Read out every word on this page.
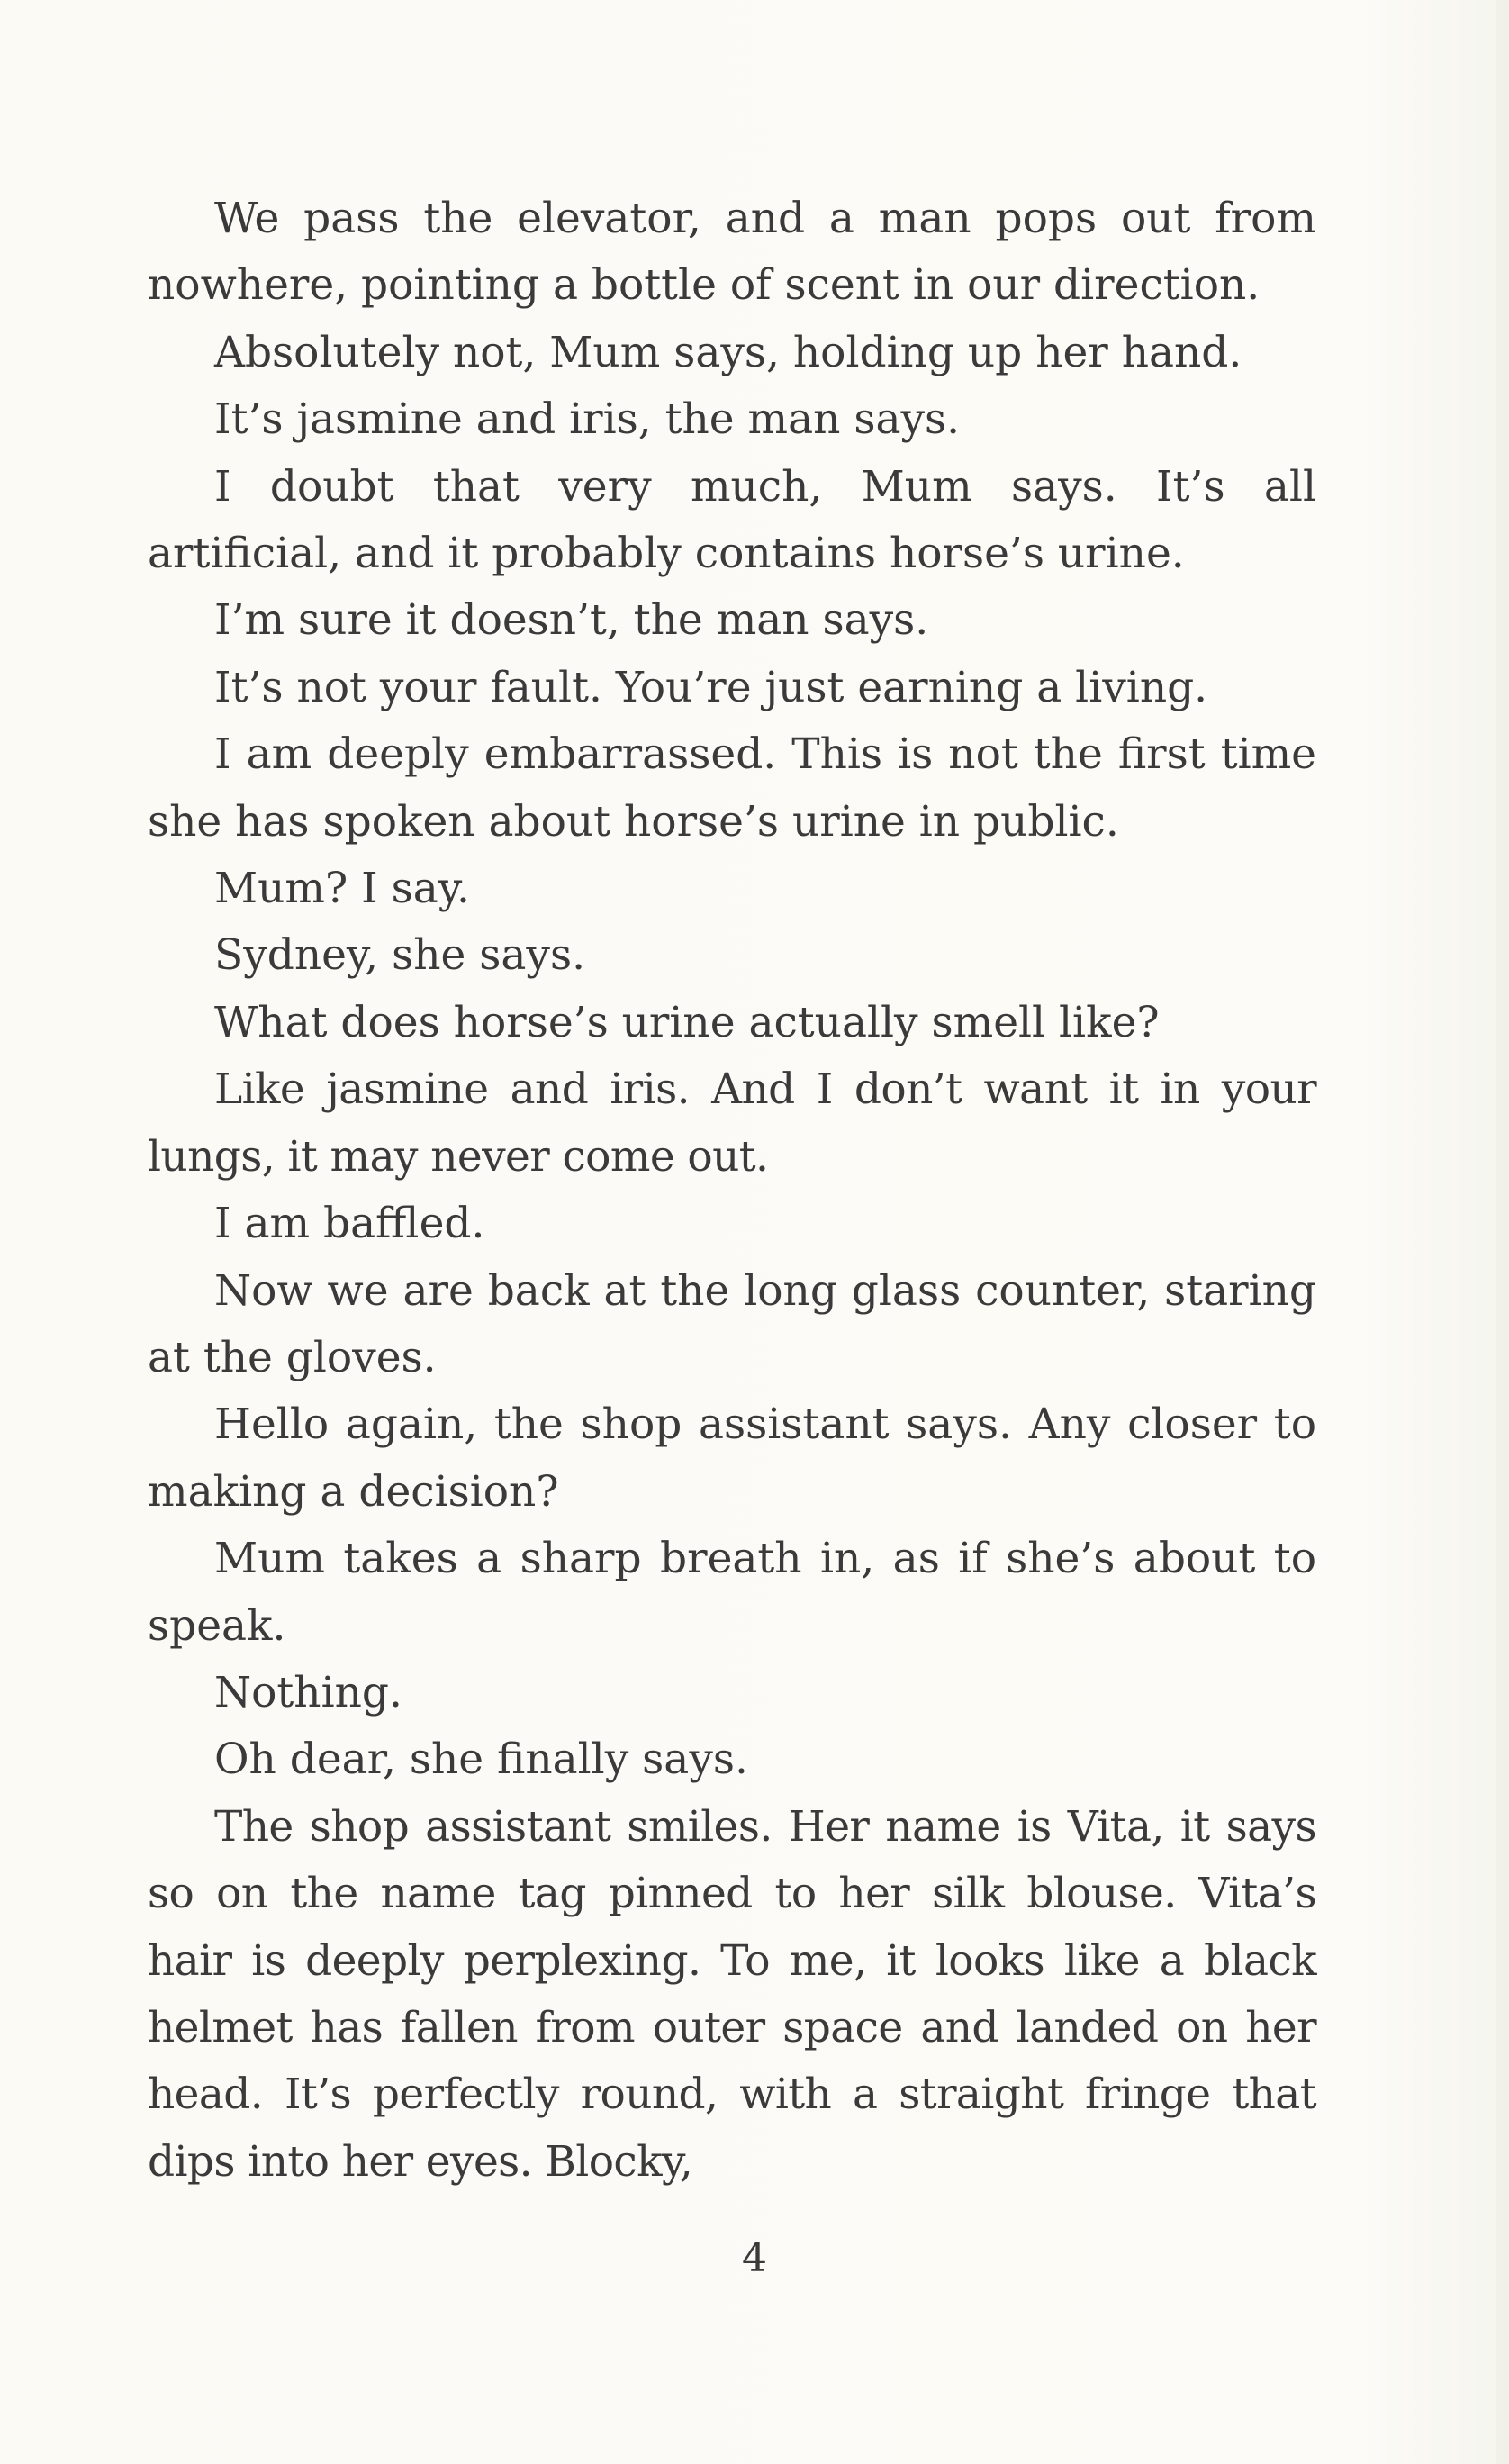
We pass the elevator, and a man pops out from nowhere, pointing a bottle of scent in our direction.

Absolutely not, Mum says, holding up her hand.

It’s jasmine and iris, the man says.

I doubt that very much, Mum says. It’s all artificial, and it probably contains horse’s urine.

I’m sure it doesn’t, the man says.

It’s not your fault. You’re just earning a living.

I am deeply embarrassed. This is not the first time she has spoken about horse’s urine in public.

Mum? I say.

Sydney, she says.

What does horse’s urine actually smell like?

Like jasmine and iris. And I don’t want it in your lungs, it may never come out.

I am baffled.

Now we are back at the long glass counter, staring at the gloves.

Hello again, the shop assistant says. Any closer to making a decision?

Mum takes a sharp breath in, as if she’s about to speak.

Nothing.

Oh dear, she finally says.

The shop assistant smiles. Her name is Vita, it says so on the name tag pinned to her silk blouse. Vita’s hair is deeply perplexing. To me, it looks like a black helmet has fallen from outer space and landed on her head. It’s perfectly round, with a straight fringe that dips into her eyes. Blocky,

4
